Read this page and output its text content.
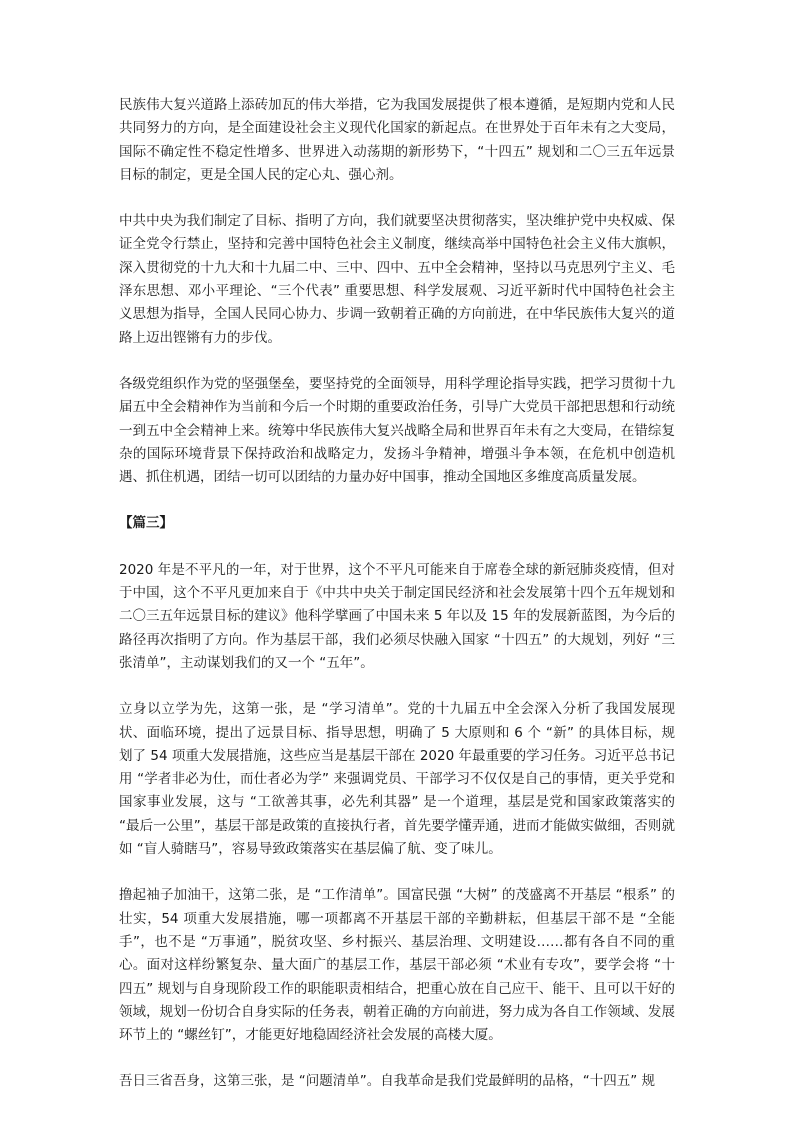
民族伟大复兴道路上添砖加瓦的伟大举措，它为我国发展提供了根本遵循，是短期内党和人民共同努力的方向，是全面建设社会主义现代化国家的新起点。在世界处于百年未有之大变局，国际不确定性不稳定性增多、世界进入动荡期的新形势下，“十四五” 规划和二〇三五年远景目标的制定，更是全国人民的定心丸、强心剂。

中共中央为我们制定了目标、指明了方向，我们就要坚决贯彻落实，坚决维护党中央权威、保证全党令行禁止，坚持和完善中国特色社会主义制度，继续高举中国特色社会主义伟大旗帜，深入贯彻党的十九大和十九届二中、三中、四中、五中全会精神，坚持以马克思列宁主义、毛泽东思想、邓小平理论、“三个代表” 重要思想、科学发展观、习近平新时代中国特色社会主义思想为指导，全国人民同心协力、步调一致朝着正确的方向前进，在中华民族伟大复兴的道路上迈出铿锵有力的步伐。

各级党组织作为党的坚强堡垒，要坚持党的全面领导，用科学理论指导实践，把学习贯彻十九届五中全会精神作为当前和今后一个时期的重要政治任务，引导广大党员干部把思想和行动统一到五中全会精神上来。统筹中华民族伟大复兴战略全局和世界百年未有之大变局，在错综复杂的国际环境背景下保持政治和战略定力，发扬斗争精神，增强斗争本领，在危机中创造机遇、抓住机遇，团结一切可以团结的力量办好中国事，推动全国地区多维度高质量发展。

【篇三】

2020 年是不平凡的一年，对于世界，这个不平凡可能来自于席卷全球的新冠肺炎疫情，但对于中国，这个不平凡更加来自于《中共中央关于制定国民经济和社会发展第十四个五年规划和二〇三五年远景目标的建议》他科学擘画了中国未来 5 年以及 15 年的发展新蓝图，为今后的路径再次指明了方向。作为基层干部，我们必须尽快融入国家 “十四五” 的大规划，列好 “三张清单”，主动谋划我们的又一个 “五年”。

立身以立学为先，这第一张，是 “学习清单”。党的十九届五中全会深入分析了我国发展现状、面临环境，提出了远景目标、指导思想，明确了 5 大原则和 6 个 “新” 的具体目标，规划了 54 项重大发展措施，这些应当是基层干部在 2020 年最重要的学习任务。习近平总书记用 “学者非必为仕，而仕者必为学” 来强调党员、干部学习不仅仅是自己的事情，更关乎党和国家事业发展，这与 “工欲善其事，必先利其器” 是一个道理，基层是党和国家政策落实的 “最后一公里”，基层干部是政策的直接执行者，首先要学懂弄通，进而才能做实做细，否则就如 “盲人骑瞎马”，容易导致政策落实在基层偏了航、变了味儿。

撸起袖子加油干，这第二张，是 “工作清单”。国富民强 “大树” 的茂盛离不开基层 “根系” 的壮实，54 项重大发展措施，哪一项都离不开基层干部的辛勤耕耘，但基层干部不是 “全能手”，也不是 “万事通”，脱贫攻坚、乡村振兴、基层治理、文明建设……都有各自不同的重心。面对这样纷繁复杂、量大面广的基层工作，基层干部必须 “术业有专攻”，要学会将 “十四五” 规划与自身现阶段工作的职能职责相结合，把重心放在自己应干、能干、且可以干好的领域，规划一份切合自身实际的任务表，朝着正确的方向前进，努力成为各自工作领域、发展环节上的 “螺丝钉”，才能更好地稳固经济社会发展的高楼大厦。

吾日三省吾身，这第三张，是 “问题清单”。自我革命是我们党最鲜明的品格，“十四五” 规
